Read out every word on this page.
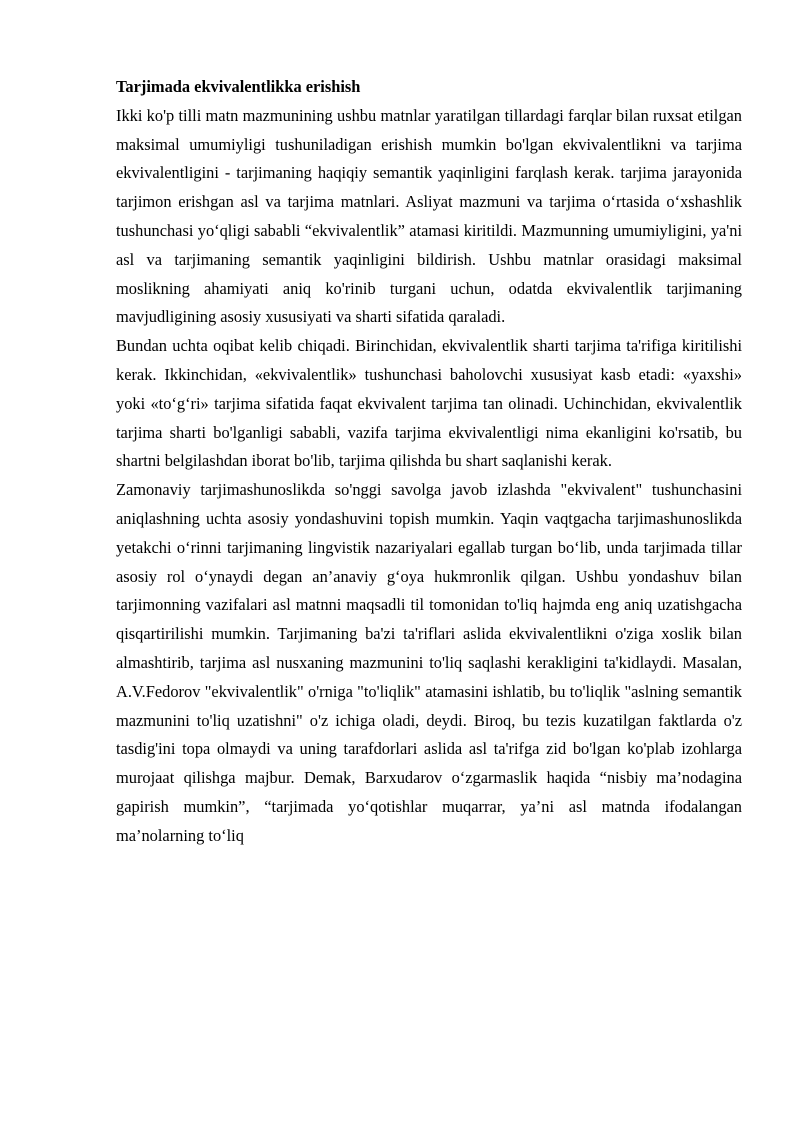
Tarjimada ekvivalentlikka erishish

Ikki ko'p tilli matn mazmunining ushbu matnlar yaratilgan tillardagi farqlar bilan ruxsat etilgan maksimal umumiyligi tushuniladigan erishish mumkin bo'lgan ekvivalentlikni va tarjima ekvivalentligini - tarjimaning haqiqiy semantik yaqinligini farqlash kerak. tarjima jarayonida tarjimon erishgan asl va tarjima matnlari. Asliyat mazmuni va tarjima o‘rtasida o‘xshashlik tushunchasi yo‘qligi sababli “ekvivalentlik” atamasi kiritildi. Mazmunning umumiyligini, ya'ni asl va tarjimaning semantik yaqinligini bildirish. Ushbu matnlar orasidagi maksimal moslikning ahamiyati aniq ko'rinib turgani uchun, odatda ekvivalentlik tarjimaning mavjudligining asosiy xususiyati va sharti sifatida qaraladi.

Bundan uchta oqibat kelib chiqadi. Birinchidan, ekvivalentlik sharti tarjima ta'rifiga kiritilishi kerak. Ikkinchidan, «ekvivalentlik» tushunchasi baholovchi xususiyat kasb etadi: «yaxshi» yoki «to‘g‘ri» tarjima sifatida faqat ekvivalent tarjima tan olinadi. Uchinchidan, ekvivalentlik tarjima sharti bo'lganligi sababli, vazifa tarjima ekvivalentligi nima ekanligini ko'rsatib, bu shartni belgilashdan iborat bo'lib, tarjima qilishda bu shart saqlanishi kerak.

Zamonaviy tarjimashunoslikda so'nggi savolga javob izlashda "ekvivalent" tushunchasini aniqlashning uchta asosiy yondashuvini topish mumkin. Yaqin vaqtgacha tarjimashunoslikda yetakchi o‘rinni tarjimaning lingvistik nazariyalari egallab turgan bo‘lib, unda tarjimada tillar asosiy rol o‘ynaydi degan an’anaviy g‘oya hukmronlik qilgan. Ushbu yondashuv bilan tarjimonning vazifalari asl matnni maqsadli til tomonidan to'liq hajmda eng aniq uzatishgacha qisqartirilishi mumkin. Tarjimaning ba'zi ta'riflari aslida ekvivalentlikni o'ziga xoslik bilan almashtirib, tarjima asl nusxaning mazmunini to'liq saqlashi kerakligini ta'kidlaydi. Masalan, A.V.Fedorov "ekvivalentlik" o'rniga "to'liqlik" atamasini ishlatib, bu to'liqlik "aslning semantik mazmunini to'liq uzatishni" o'z ichiga oladi, deydi. Biroq, bu tezis kuzatilgan faktlarda o'z tasdig'ini topa olmaydi va uning tarafdorlari aslida asl ta'rifga zid bo'lgan ko'plab izohlarga murojaat qilishga majbur. Demak, Barxudarov o‘zgarmaslik haqida “nisbiy ma’nodagina gapirish mumkin”, “tarjimada yo‘qotishlar muqarrar, ya’ni asl matnda ifodalangan ma’nolarning to‘liq
